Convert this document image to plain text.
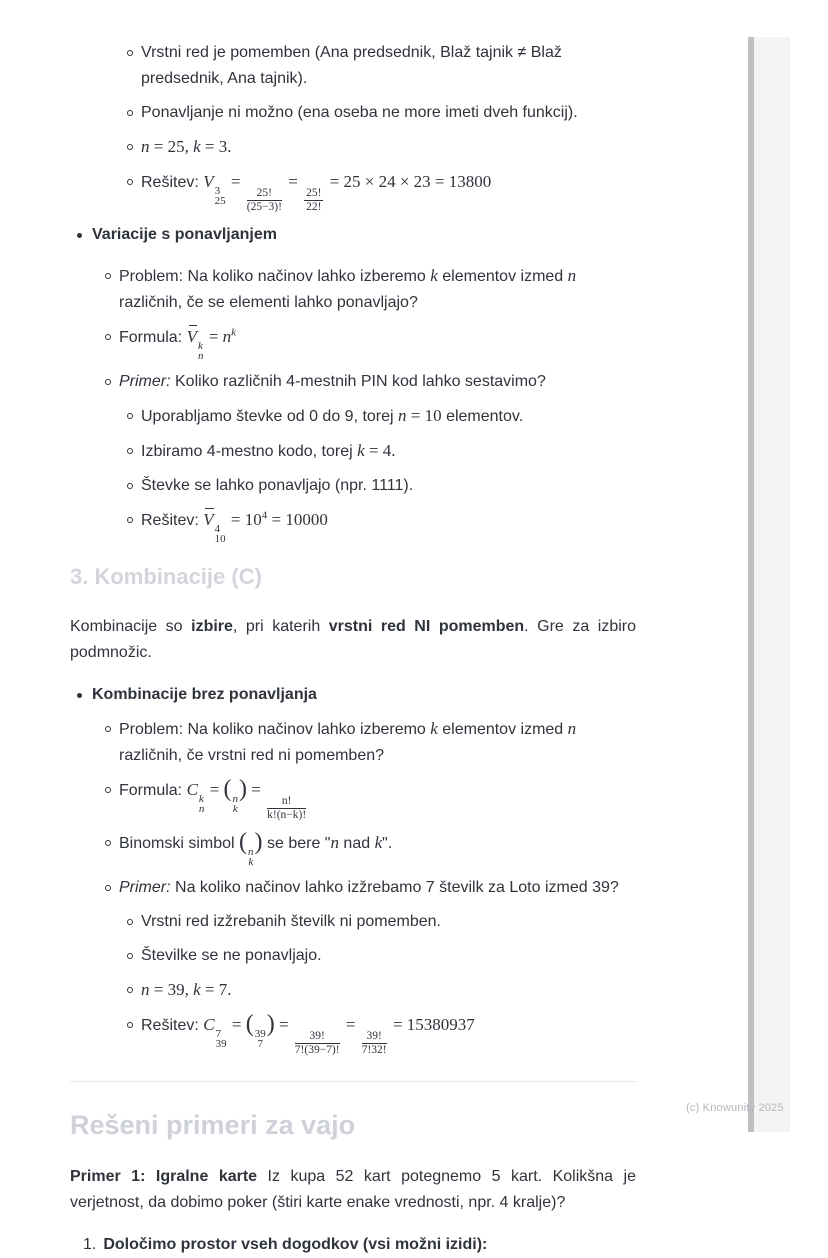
Vrstni red je pomemben (Ana predsednik, Blaž tajnik ≠ Blaž predsednik, Ana tajnik).
Ponavljanje ni možno (ena oseba ne more imeti dveh funkcij).
n = 25, k = 3.
Rešitev: V 3
25
=
$\frac{25!}{(25-3)!}$
=
$\frac{25!}{22!}$
= 25 × 24 × 23 = 13800
Variacije s ponavljanjem
Problem: Na koliko načinov lahko izberemo k elementov izmed n različnih, če se elementi lahko ponavljajo?
Formula: V k
n
= $n^k$
Primer: Koliko različnih 4-mestnih PIN kod lahko sestavimo?
Uporabljamo števke od 0 do 9, torej n = 10 elementov.
Izbiramo 4-mestno kodo, torej k = 4.
Števke se lahko ponavljajo (npr. 1111).
Rešitev: V 4
10
= $10^4 = 10000$
3. Kombinacije (C)

Kombinacije so izbire, pri katerih vrstni red NI pomemben. Gre za izbiro podmnožic.

Kombinacije brez ponavljanja
Problem: Na koliko načinov lahko izberemo k elementov izmed n različnih, če vrstni red ni pomemben?
Formula: C k
n
= ( n
k
) =
$\frac{n!}{k!(n-k)!}$
Binomski simbol ( n
k
) se bere "n nad k".
Primer: Na koliko načinov lahko izžrebamo 7 številk za Loto izmed 39?
Vrstni red izžrebanih številk ni pomemben.
Številke se ne ponavljajo.
n = 39, k = 7.
Rešitev: C 7
39
= ( 39
7
) =
$\frac{39!}{7!(39-7)!}$
=
$\frac{39!}{7!32!}$
= 15380937
Rešeni primeri za vajo

Primer 1: Igralne karte Iz kupa 52 kart potegnemo 5 kart. Kolikšna je verjetnost, da dobimo poker (štiri karte enake vrednosti, npr. 4 kralje)?

1. Določimo prostor vseh dogodkov (vsi možni izidi):
(c) Knowunity 2025
